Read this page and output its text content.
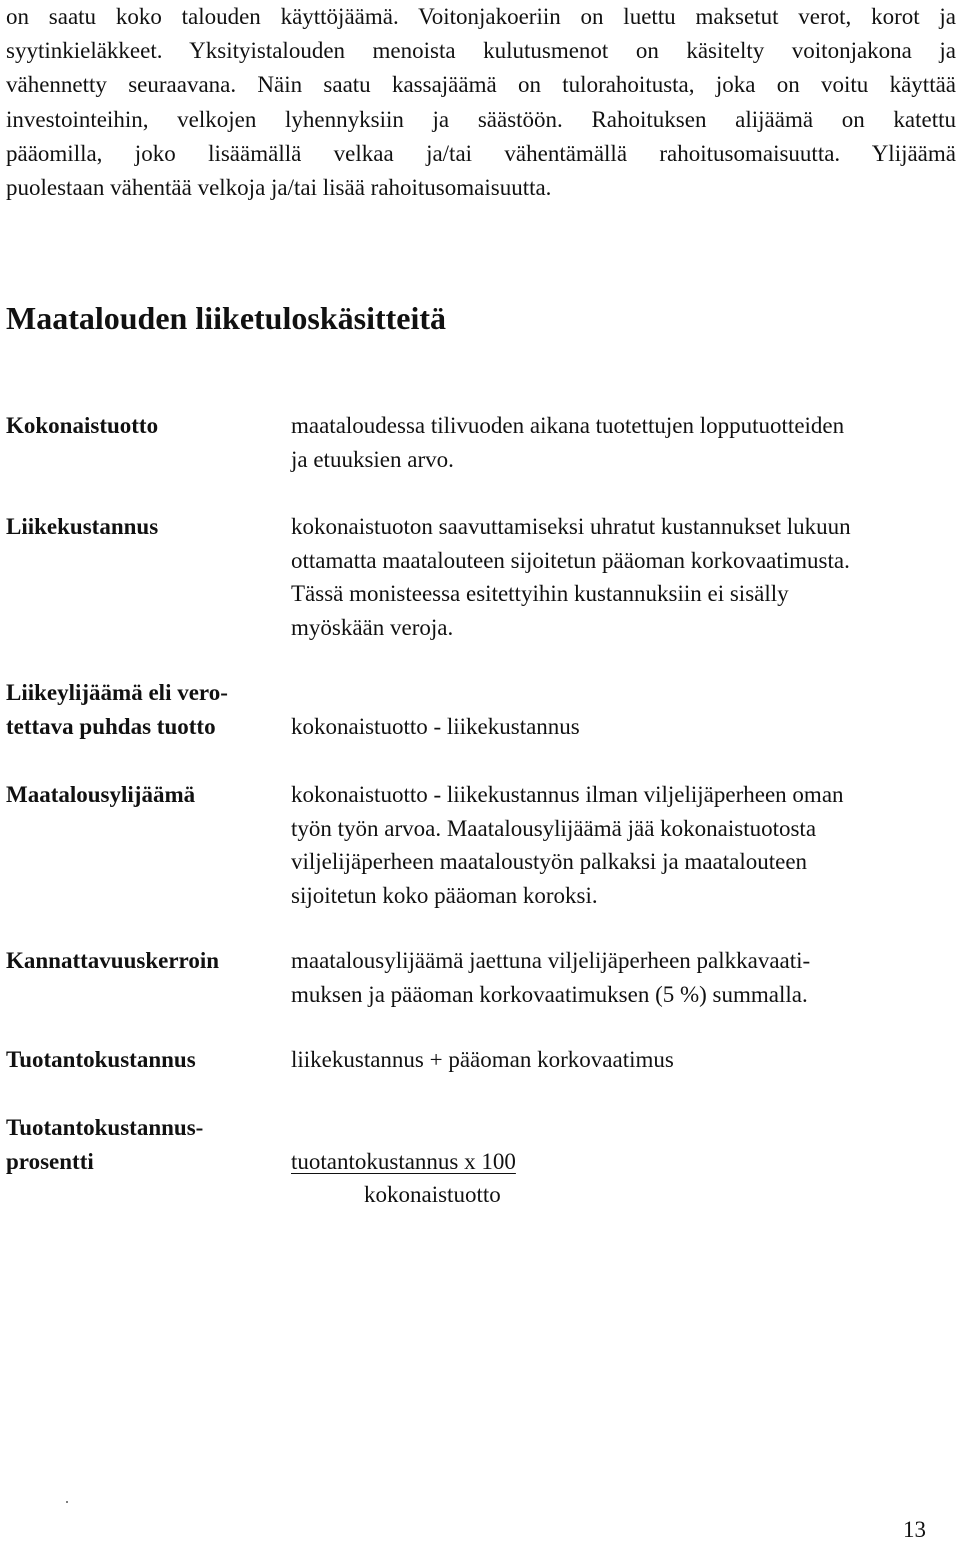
on saatu koko talouden käyttöjäämä. Voitonjakoeriin on luettu maksetut verot, korot ja
syytinkieläkkeet. Yksityistalouden menoista kulutusmenot on käsitelty voitonjakona ja
vähennetty seuraavana. Näin saatu kassajäämä on tulorahoitusta, joka on voitu käyttää
investointeihin, velkojen lyhennyksiin ja säästöön. Rahoituksen alijäämä on katettu
pääomilla, joko lisäämällä velkaa ja/tai vähentämällä rahoitusomaisuutta. Ylijäämä
puolestaan vähentää velkoja ja/tai lisää rahoitusomaisuutta.
Maatalouden liiketuloskäsitteitä
Kokonaistuotto	maataloudessa tilivuoden aikana tuotettujen lopputuotteiden
ja etuuksien arvo.
Liikekustannus	kokonaistuoton saavuttamiseksi uhratut kustannukset lukuun
ottamatta maatalouteen sijoitetun pääoman korkovaatimusta.
Tässä monisteessa esitettyihin kustannuksiin ei sisälly
myöskään veroja.
Liikeylijäämä eli vero-
tettava puhdas tuotto	kokonaistuotto - liikekustannus
Maatalousylijäämä	kokonaistuotto - liikekustannus ilman viljelijäperheen oman
työn työn arvoa. Maatalousylijäämä jää kokonaistuotosta
viljelijäperheen maataloustyön palkaksi ja maatalouteen
sijoitetun koko pääoman koroksi.
Kannattavuuskerroin	maatalousylijäämä jaettuna viljelijäperheen palkkavaati-
muksen ja pääoman korkovaatimuksen (5 %) summalla.
Tuotantokustannus	liikekustannus + pääoman korkovaatimus
Tuotantokustannus-
prosentti	tuotantokustannus x 100
kokonaistuotto
13
